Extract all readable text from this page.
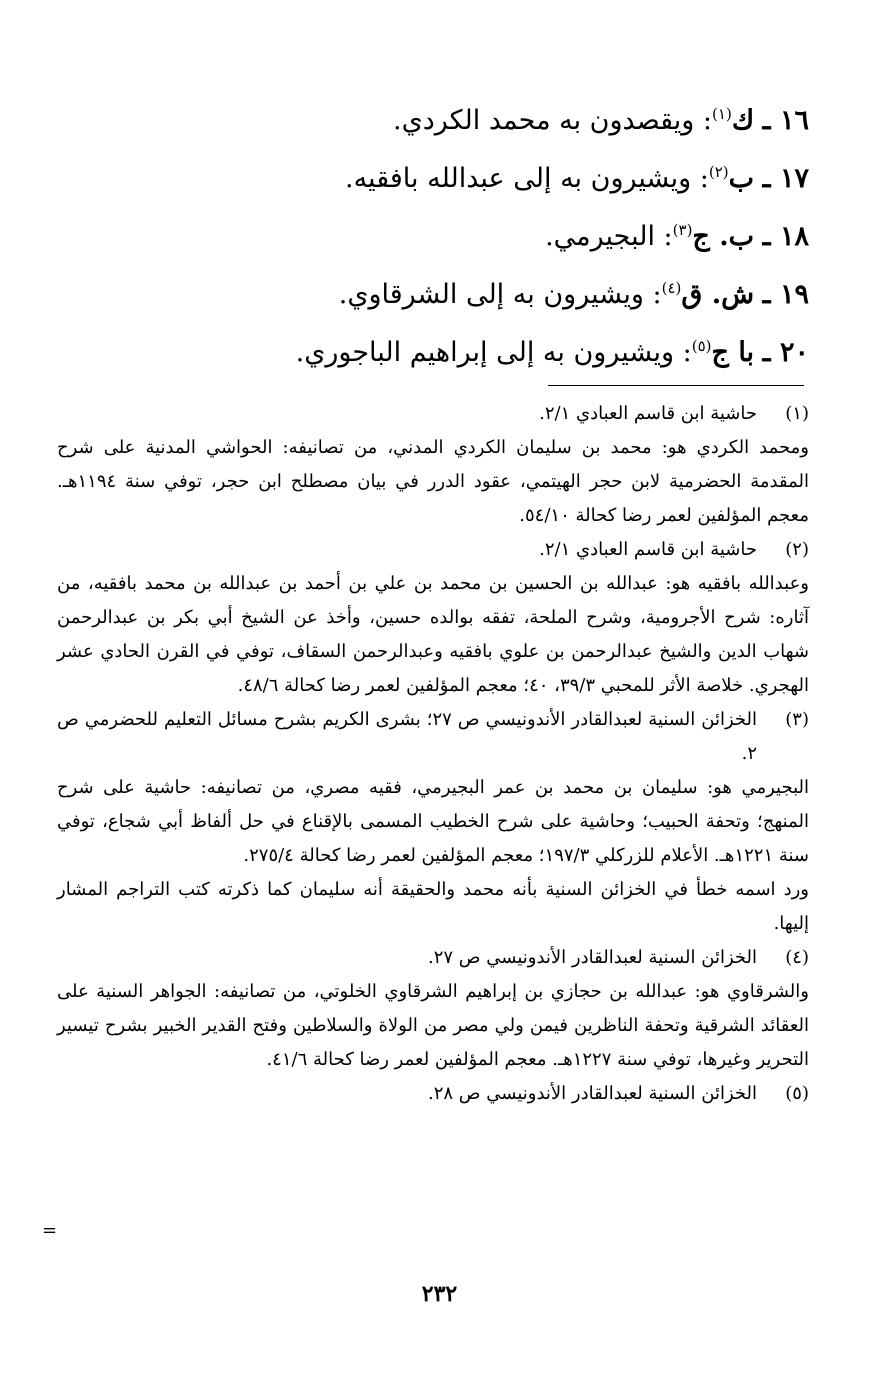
١٦ ـ ك$^{(١)}$: ويقصدون به محمد الكردي.
١٧ ـ ب$^{(٢)}$: ويشيرون به إلى عبدالله بافقيه.
١٨ ـ ب. ج$^{(٣)}$: البجيرمي.
١٩ ـ ش. ق$^{(٤)}$: ويشيرون به إلى الشرقاوي.
٢٠ ـ با ج$^{(٥)}$: ويشيرون به إلى إبراهيم الباجوري.
(١)
حاشية ابن قاسم العبادي ٢/١.
ومحمد الكردي هو: محمد بن سليمان الكردي المدني، من تصانيفه: الحواشي المدنية على شرح المقدمة الحضرمية لابن حجر الهيتمي، عقود الدرر في بيان مصطلح ابن حجر، توفي سنة ١١٩٤هـ. معجم المؤلفين لعمر رضا كحالة ٥٤/١٠.
(٢)
حاشية ابن قاسم العبادي ٢/١.
وعبدالله بافقيه هو: عبدالله بن الحسين بن محمد بن علي بن أحمد بن عبدالله بن محمد بافقيه، من آثاره: شرح الأجرومية، وشرح الملحة، تفقه بوالده حسين، وأخذ عن الشيخ أبي بكر بن عبدالرحمن شهاب الدين والشيخ عبدالرحمن بن علوي بافقيه وعبدالرحمن السقاف، توفي في القرن الحادي عشر الهجري. خلاصة الأثر للمحبي ٣٩/٣، ٤٠؛ معجم المؤلفين لعمر رضا كحالة ٤٨/٦.
(٣)
الخزائن السنية لعبدالقادر الأندونيسي ص ٢٧؛ بشرى الكريم بشرح مسائل التعليم للحضرمي ص ٢.
البجيرمي هو: سليمان بن محمد بن عمر البجيرمي، فقيه مصري، من تصانيفه: حاشية على شرح المنهج؛ وتحفة الحبيب؛ وحاشية على شرح الخطيب المسمى بالإقناع في حل ألفاظ أبي شجاع، توفي سنة ١٢٢١هـ. الأعلام للزركلي ١٩٧/٣؛ معجم المؤلفين لعمر رضا كحالة ٢٧٥/٤.
ورد اسمه خطأ في الخزائن السنية بأنه محمد والحقيقة أنه سليمان كما ذكرته كتب التراجم المشار إليها.
(٤)
الخزائن السنية لعبدالقادر الأندونيسي ص ٢٧.
والشرقاوي هو: عبدالله بن حجازي بن إبراهيم الشرقاوي الخلوتي، من تصانيفه: الجواهر السنية على العقائد الشرقية وتحفة الناظرين فيمن ولي مصر من الولاة والسلاطين وفتح القدير الخبير بشرح تيسير التحرير وغيرها، توفي سنة ١٢٢٧هـ. معجم المؤلفين لعمر رضا كحالة ٤١/٦.
(٥)
الخزائن السنية لعبدالقادر الأندونيسي ص ٢٨.
=
٢٣٢
